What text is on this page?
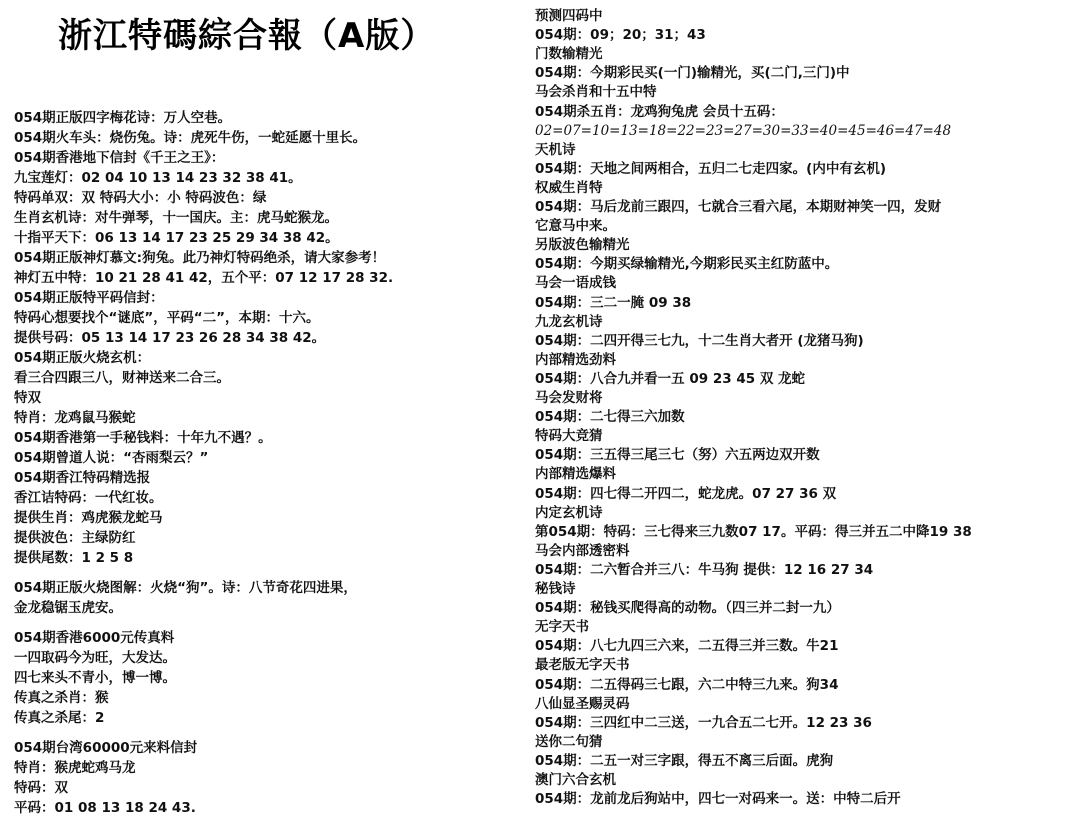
浙江特碼綜合報（A版）
054期正版四字梅花诗：万人空巷。
054期火车头：烧伤兔。诗：虎死牛伤，一蛇延愿十里长。
054期香港地下信封《千王之王》：
九宝莲灯：02 04 10 13 14 23 32 38 41。
特码单双：双 特码大小：小 特码波色：绿
生肖玄机诗：对牛弹琴，十一国庆。主：虎马蛇猴龙。
十指平天下：06 13 14 17 23 25 29 34 38 42。
054期正版神灯慕文:狗兔。此乃神灯特码绝杀，请大家参考！
神灯五中特：10 21 28 41 42，五个平：07 12 17 28 32.
054期正版特平码信封：
特码心想要找个“谜底”，平码“二”，本期：十六。
提供号码：05 13 14 17 23 26 28 34 38 42。
054期正版火烧玄机：
看三合四跟三八，财神送来二合三。
特双
特肖：龙鸡鼠马猴蛇
054期香港第一手秘钱料：十年九不遇？。
054期曾道人说：“杏雨梨云？”
054期香江特码精选报
香江诘特码：一代红妆。
提供生肖：鸡虎猴龙蛇马
提供波色：主绿防红
提供尾数：1 2 5 8
054期正版火烧图解：火烧“狗”。诗：八节奇花四进果，
金龙稳锯玉虎安。
054期香港6000元传真料
一四取码今为旺，大发达。
四七来头不青小，博一博。
传真之杀肖：猴
传真之杀尾：2
054期台湾60000元来料信封
特肖：猴虎蛇鸡马龙
特码：双
平码：01 08 13 18 24 43.
预测四码中
054期：09；20；31；43
门数输精光
054期：今期彩民买(一门)输精光，买(二门,三门)中
马会杀肖和十五中特
054期杀五肖：龙鸡狗兔虎 会员十五码：
02=07=10=13=18=22=23=27=30=33=40=45=46=47=48
天机诗
054期：天地之间两相合，五归二七走四家。(内中有玄机)
权威生肖特
054期：马后龙前三跟四，七就合三看六尾，本期财神笑一四，发财
它意马中来。
另版波色输精光
054期：今期买绿输精光,今期彩民买主红防蓝中。
马会一语成钱
054期：三二一腌 09 38
九龙玄机诗
054期：二四开得三七九，十二生肖大者开 (龙猪马狗)
内部精选劲料
054期：八合九并看一五 09 23 45 双 龙蛇
马会发财将
054期：二七得三六加数
特码大竞猜
054期：三五得三尾三七（努）六五两边双开数
内部精选爆料
054期：四七得二开四二，蛇龙虎。07 27 36 双
内定玄机诗
第054期：特码：三七得来三九数07 17。平码：得三并五二中降19 38
马会内部透密料
054期：二六暂合并三八：牛马狗 提供：12 16 27 34
秘钱诗
054期：秘钱买爬得高的动物。（四三并二封一九）
无字天书
054期：八七九四三六来，二五得三并三数。牛21
最老版无字天书
054期：二五得码三七跟，六二中特三九来。狗34
八仙显圣赐灵码
054期：三四红中二三送，一九合五二七开。12 23 36
送你二句猜
054期：二五一对三字跟，得五不离三后面。虎狗
澳门六合玄机
054期：龙前龙后狗站中，四七一对码来一。送：中特二后开
